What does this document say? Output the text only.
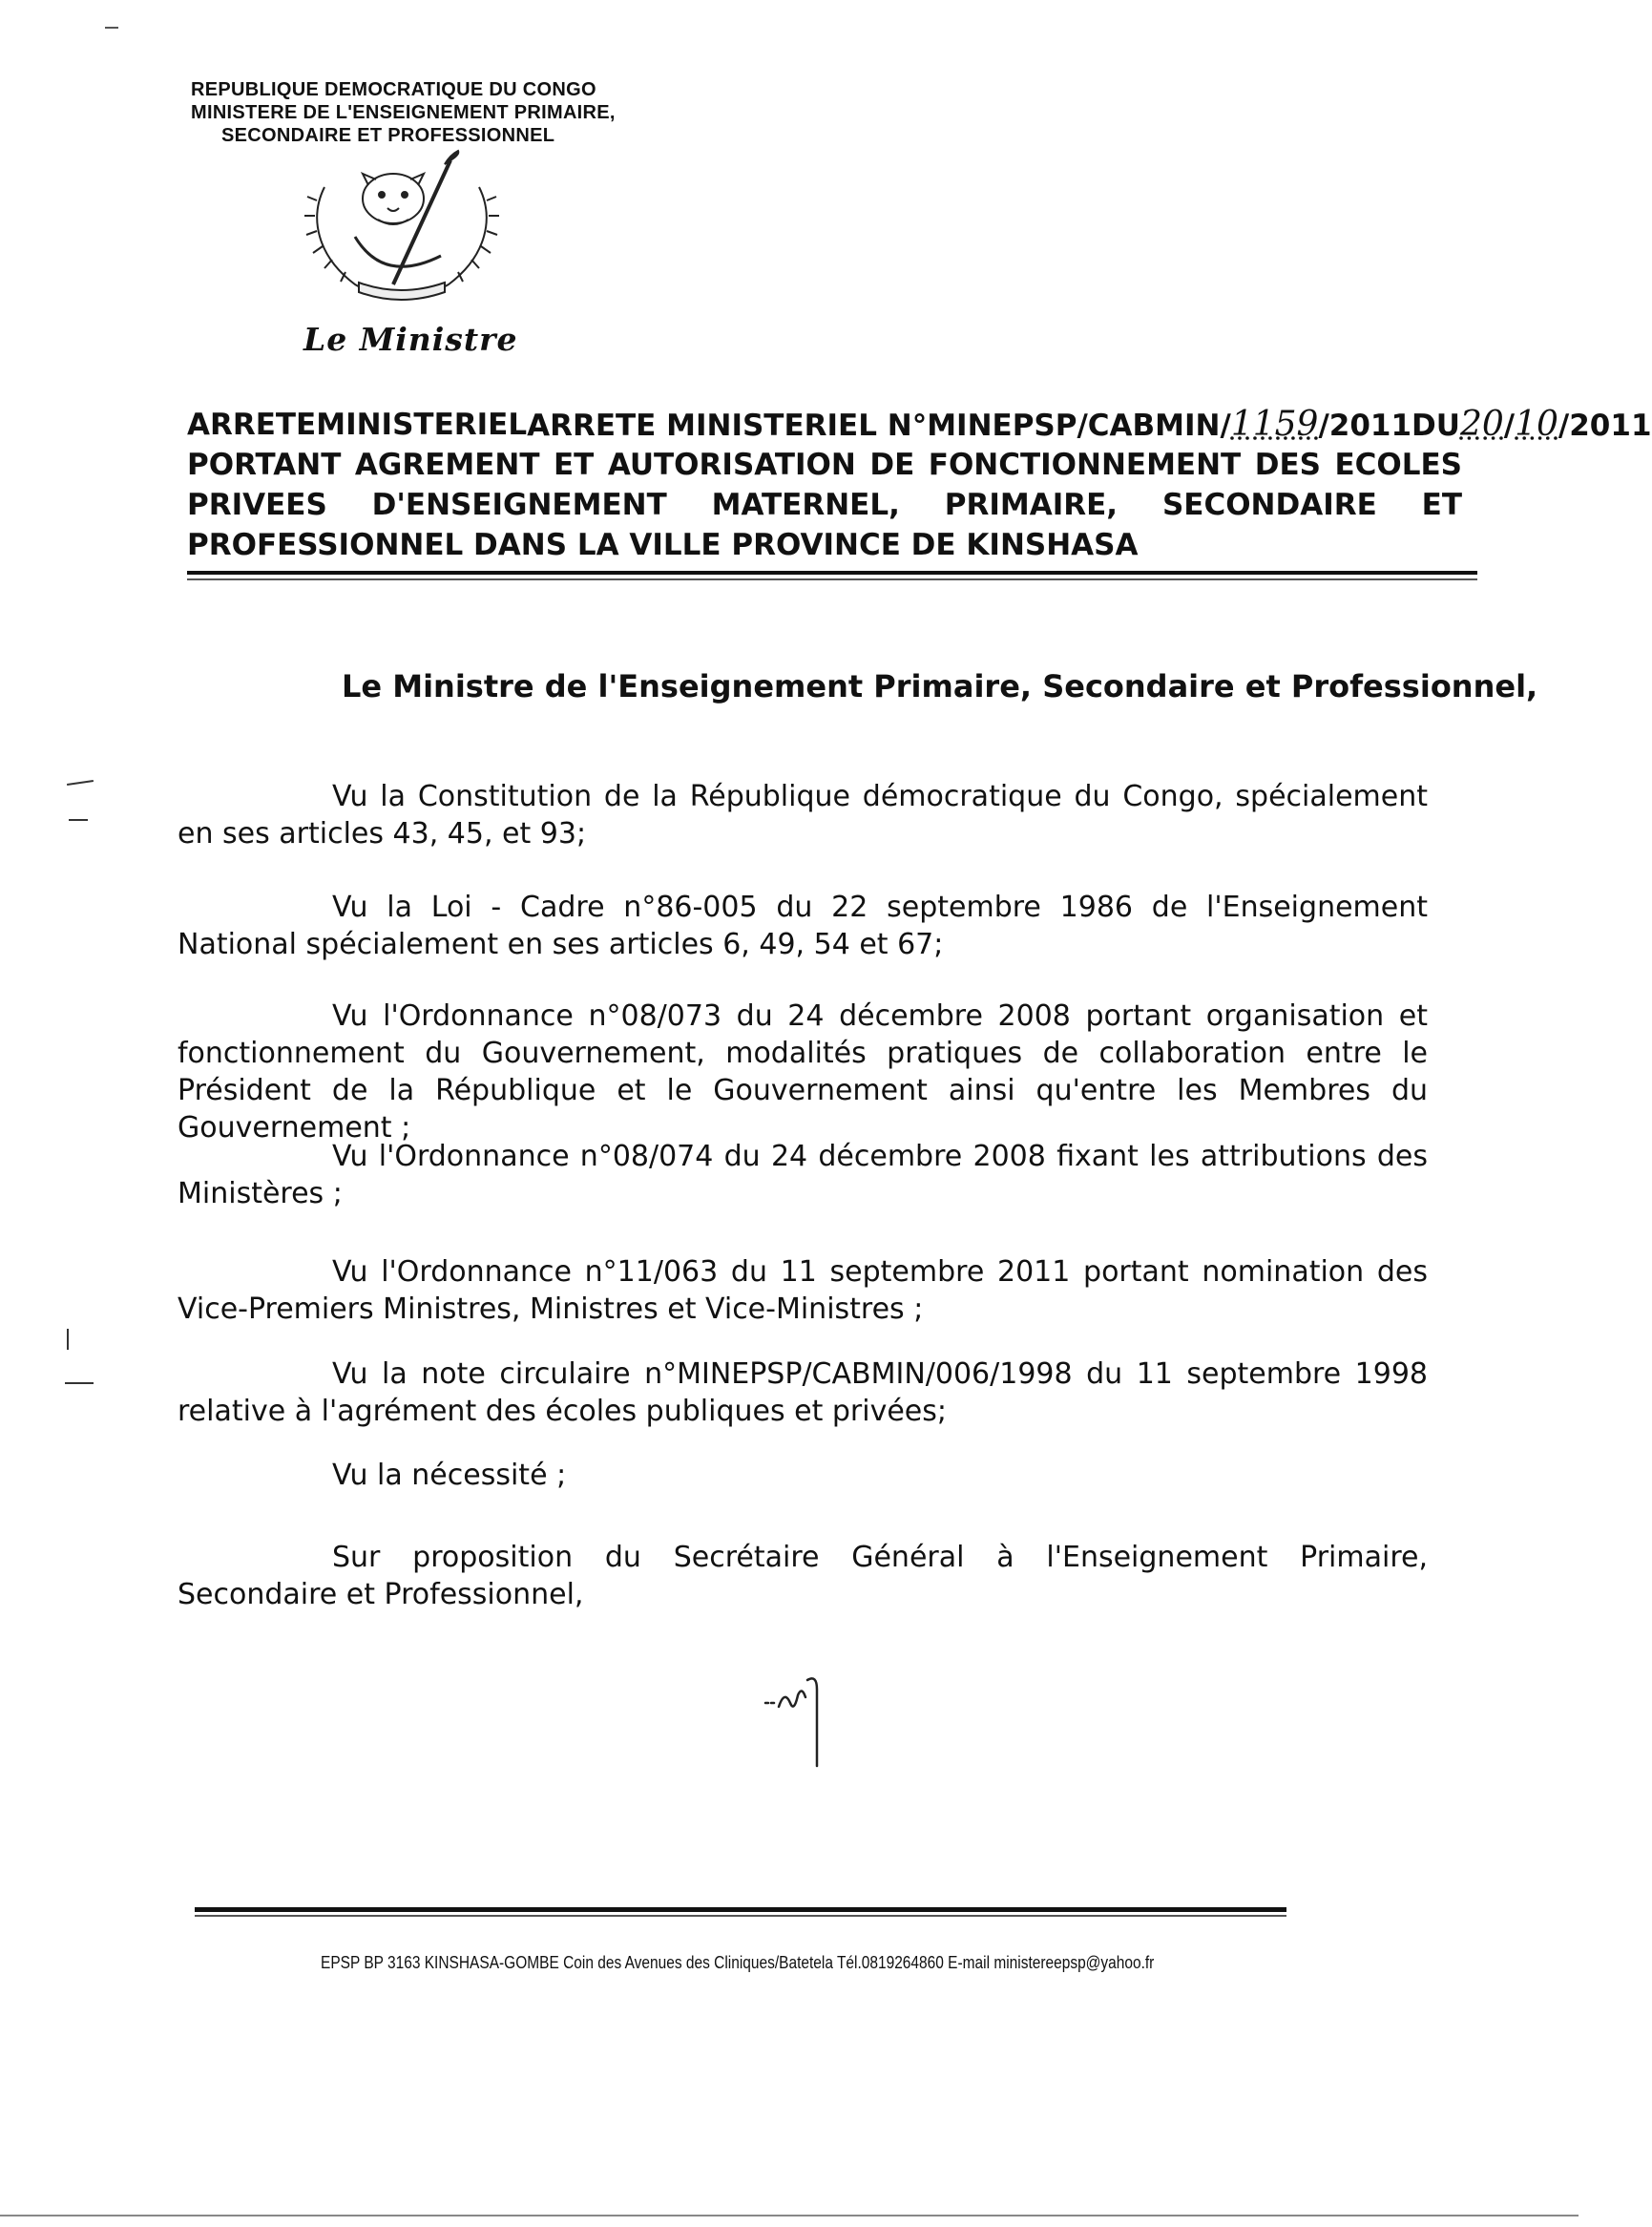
REPUBLIQUE DEMOCRATIQUE DU CONGO
MINISTERE DE L'ENSEIGNEMENT PRIMAIRE,
SECONDAIRE ET PROFESSIONNEL
Le Ministre
ARRETE MINISTERIEL ARRETE MINISTERIEL N°MINEPSP/CABMIN/1159/2011 DU20/10/2011
PORTANT AGREMENT ET AUTORISATION DE FONCTIONNEMENT DES ECOLES
PRIVEES D'ENSEIGNEMENT MATERNEL, PRIMAIRE, SECONDAIRE ET
PROFESSIONNEL DANS LA VILLE PROVINCE DE KINSHASA
Le Ministre de l'Enseignement Primaire, Secondaire et Professionnel,
Vu la Constitution de la République démocratique du Congo, spécialement en ses articles 43, 45, et 93;
Vu la Loi - Cadre n°86-005 du 22 septembre 1986 de l'Enseignement National spécialement en ses articles 6, 49, 54 et 67;
Vu l'Ordonnance n°08/073 du 24 décembre 2008 portant organisation et fonctionnement du Gouvernement, modalités pratiques de collaboration entre le Président de la République et le Gouvernement ainsi qu'entre les Membres du Gouvernement ;
Vu l'Ordonnance n°08/074 du 24 décembre 2008 fixant les attributions des Ministères ;
Vu l'Ordonnance n°11/063 du 11 septembre 2011 portant nomination des Vice-Premiers Ministres, Ministres et Vice-Ministres ;
Vu la note circulaire n°MINEPSP/CABMIN/006/1998 du 11 septembre 1998 relative à l'agrément des écoles publiques et privées;
Vu la nécessité ;
Sur proposition du Secrétaire Général à l'Enseignement Primaire, Secondaire et Professionnel,
EPSP BP 3163 KINSHASA-GOMBE Coin des Avenues des Cliniques/Batetela Tél.0819264860 E-mail ministereepsp@yahoo.fr
